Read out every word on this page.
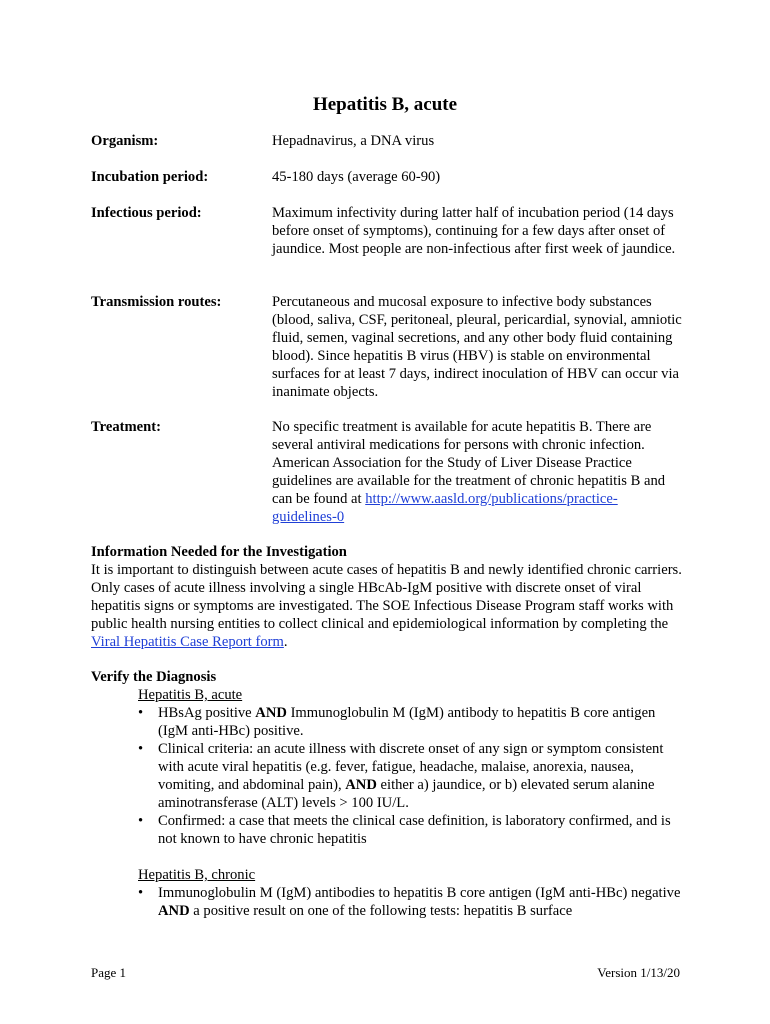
Hepatitis B, acute
Organism:	Hepadnavirus, a DNA virus
Incubation period:	45-180 days (average 60-90)
Infectious period:	Maximum infectivity during latter half of incubation period (14 days before onset of symptoms), continuing for a few days after onset of jaundice. Most people are non-infectious after first week of jaundice.
Transmission routes:	Percutaneous and mucosal exposure to infective body substances (blood, saliva, CSF, peritoneal, pleural, pericardial, synovial, amniotic fluid, semen, vaginal secretions, and any other body fluid containing blood). Since hepatitis B virus (HBV) is stable on environmental surfaces for at least 7 days, indirect inoculation of HBV can occur via inanimate objects.
Treatment:	No specific treatment is available for acute hepatitis B. There are several antiviral medications for persons with chronic infection. American Association for the Study of Liver Disease Practice guidelines are available for the treatment of chronic hepatitis B and can be found at http://www.aasld.org/publications/practice-guidelines-0
Information Needed for the Investigation
It is important to distinguish between acute cases of hepatitis B and newly identified chronic carriers. Only cases of acute illness involving a single HBcAb-IgM positive with discrete onset of viral hepatitis signs or symptoms are investigated. The SOE Infectious Disease Program staff works with public health nursing entities to collect clinical and epidemiological information by completing the Viral Hepatitis Case Report form.
Verify the Diagnosis
Hepatitis B, acute
• HBsAg positive AND Immunoglobulin M (IgM) antibody to hepatitis B core antigen (IgM anti-HBc) positive.
• Clinical criteria: an acute illness with discrete onset of any sign or symptom consistent with acute viral hepatitis (e.g. fever, fatigue, headache, malaise, anorexia, nausea, vomiting, and abdominal pain), AND either a) jaundice, or b) elevated serum alanine aminotransferase (ALT) levels > 100 IU/L.
• Confirmed: a case that meets the clinical case definition, is laboratory confirmed, and is not known to have chronic hepatitis
Hepatitis B, chronic
• Immunoglobulin M (IgM) antibodies to hepatitis B core antigen (IgM anti-HBc) negative AND a positive result on one of the following tests: hepatitis B surface
Page 1	Version 1/13/20
